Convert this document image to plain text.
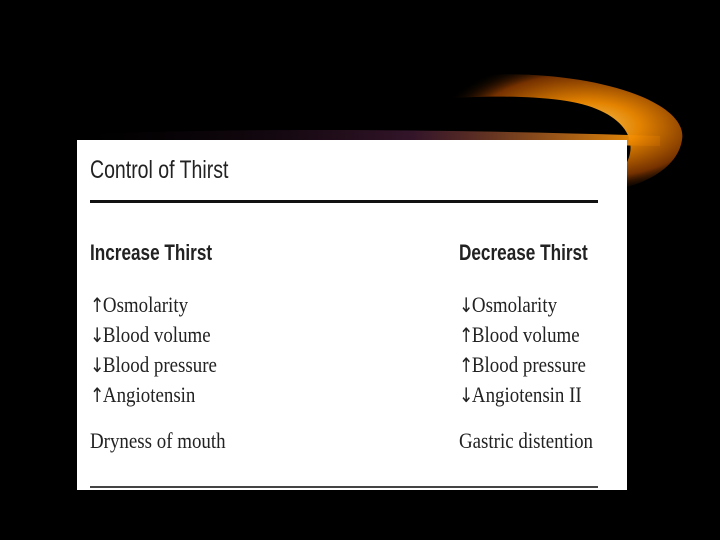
Control of Thirst
Increase Thirst
↑Osmolarity
↓Blood volume
↓Blood pressure
↑Angiotensin

Dryness of mouth

Decrease Thirst
↓Osmolarity
↑Blood volume
↑Blood pressure
↓Angiotensin II

Gastric distention
